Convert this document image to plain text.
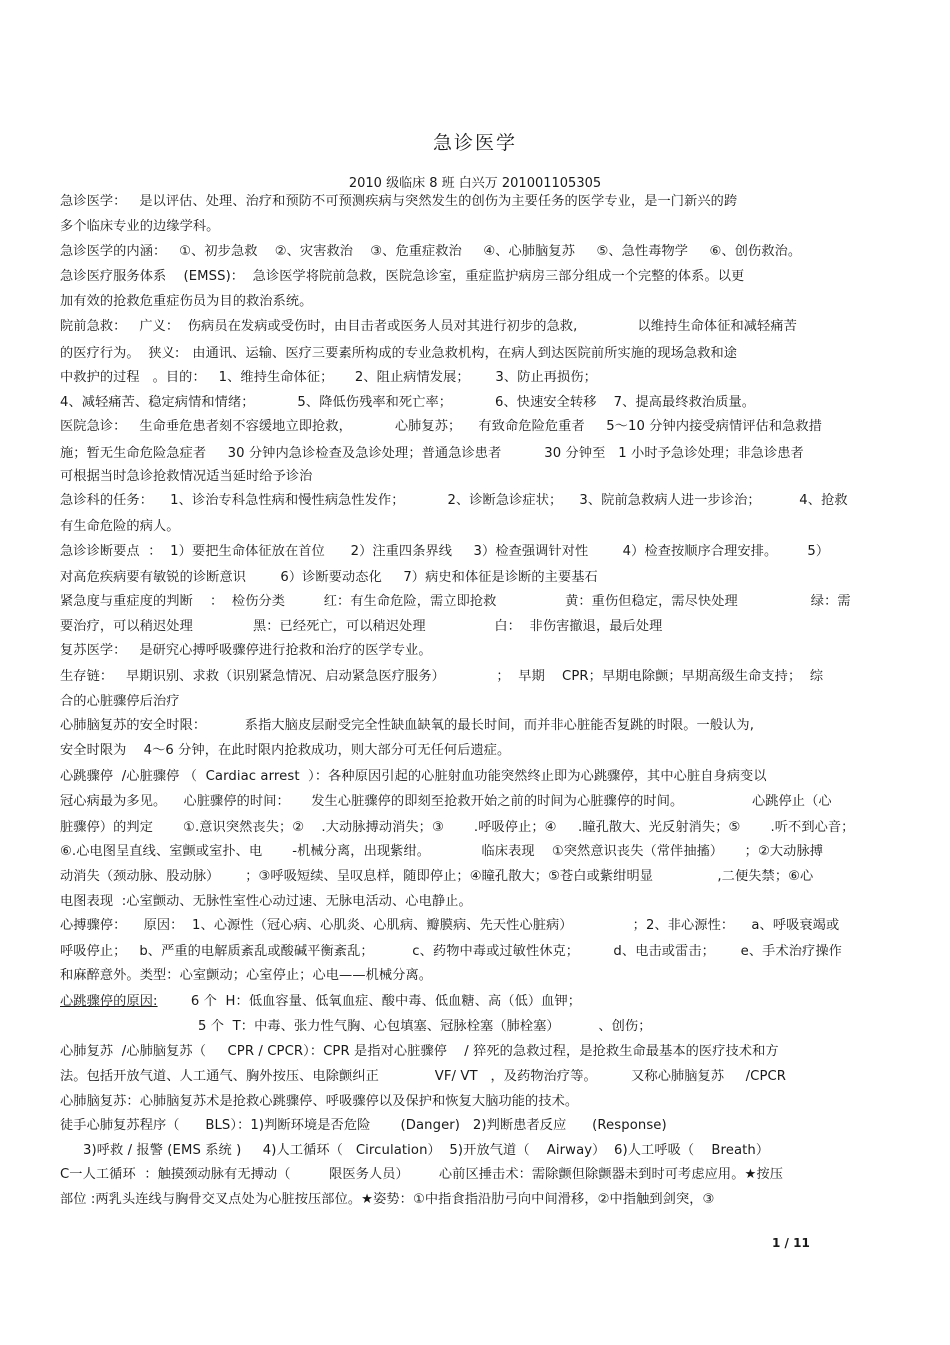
急诊医学
2010 级临床 8 班 白兴万 201001105305
急诊医学：   是以评估、处理、治疗和预防不可预测疾病与突然发生的创伤为主要任务的医学专业，是一门新兴的跨
多个临床专业的边缘学科。
急诊医学的内涵：   ①、初步急救    ②、灾害救治    ③、危重症救治     ④、心肺脑复苏     ⑤、急性毒物学     ⑥、创伤救治。
急诊医疗服务体系    (EMSS)：  急诊医学将院前急救，医院急诊室，重症监护病房三部分组成一个完整的体系。以更
加有效的抢救危重症伤员为目的救治系统。
院前急救：   广义：  伤病员在发病或受伤时，由目击者或医务人员对其进行初步的急救,              以维持生命体征和减轻痛苦
的医疗行为。  狭义:   由通讯、运输、医疗三要素所构成的专业急救机构，在病人到达医院前所实施的现场急救和途
中救护的过程   。目的：   1、维持生命体征；     2、阻止病情发展；      3、防止再损伤；
4、减轻痛苦、稳定病情和情绪；          5、降低伤残率和死亡率；          6、快速安全转移    7、提高最终救治质量。
医院急诊：   生命垂危患者刻不容缓地立即抢救，          心肺复苏；    有致命危险危重者     5～10 分钟内接受病情评估和急救措
施；暂无生命危险急症者     30 分钟内急诊检查及急诊处理；普通急诊患者          30 分钟至   1 小时予急诊处理；非急诊患者
可根据当时急诊抢救情况适当延时给予诊治
急诊科的任务：    1、诊治专科急性病和慢性病急性发作；          2、诊断急诊症状；    3、院前急救病人进一步诊治；         4、抢救
有生命危险的病人。
急诊诊断要点  ：  1）要把生命体征放在首位      2）注重四条界线     3）检查强调针对性        4）检查按顺序合理安排。       5）
对高危疾病要有敏锐的诊断意识        6）诊断要动态化     7）病史和体征是诊断的主要基石
紧急度与重症度的判断    ：  检伤分类         红：有生命危险，需立即抢救                黄：重伤但稳定，需尽快处理                 绿：需
要治疗，可以稍迟处理              黑：已经死亡，可以稍迟处理                白：  非伤害撤退，最后处理
复苏医学：   是研究心搏呼吸骤停进行抢救和治疗的医学专业。
生存链：   早期识别、求救（识别紧急情况、启动紧急医疗服务）            ；  早期    CPR；早期电除颤；早期高级生命支持；  综
合的心脏骤停后治疗
心肺脑复苏的安全时限：         系指大脑皮层耐受完全性缺血缺氧的最长时间，而并非心脏能否复跳的时限。一般认为,
安全时限为    4～6 分钟，在此时限内抢救成功，则大部分可无任何后遗症。
心跳骤停  /心脏骤停 （  Cardiac arrest  ）：各种原因引起的心脏射血功能突然终止即为心跳骤停，其中心脏自身病变以
冠心病最为多见。    心脏骤停的时间：     发生心脏骤停的即刻至抢救开始之前的时间为心脏骤停的时间。                心跳停止（心
脏骤停）的判定       ①.意识突然丧失；②    .大动脉搏动消失；③       .呼吸停止；④     .瞳孔散大、光反射消失；⑤       .听不到心音；
⑥.心电图呈直线、室颤或室扑、电       -机械分离，出现紫绀。            临床表现    ①突然意识丧失（常伴抽搐）     ；②大动脉搏
动消失（颈动脉、股动脉）      ；③呼吸短续、呈叹息样，随即停止；④瞳孔散大；⑤苍白或紫绀明显               ,二便失禁；⑥心
电图表现  :心室颤动、无脉性室性心动过速、无脉电活动、心电静止。
心搏骤停：    原因：  1、心源性（冠心病、心肌炎、心肌病、瓣膜病、先天性心脏病）              ；2、非心源性：    a、呼吸衰竭或
呼吸停止；   b、严重的电解质紊乱或酸碱平衡紊乱；         c、药物中毒或过敏性休克；        d、电击或雷击；      e、手术治疗操作
和麻醉意外。类型：心室颤动；心室停止；心电——机械分离。
心跳骤停的原因: 6 个  H：低血容量、低氧血症、酸中毒、低血糖、高（低）血钾；
5 个  T：中毒、张力性气胸、心包填塞、冠脉栓塞（肺栓塞）         、创伤；
心肺复苏  /心肺脑复苏（     CPR / CPCR）：CPR 是指对心脏骤停    / 猝死的急救过程，是抢救生命最基本的医疗技术和方
法。包括开放气道、人工通气、胸外按压、电除颤纠正             VF/ VT   ，及药物治疗等。        又称心肺脑复苏     /CPCR
心肺脑复苏：心肺脑复苏术是抢救心跳骤停、呼吸骤停以及保护和恢复大脑功能的技术。
徒手心肺复苏程序（      BLS）：1)判断环境是否危险       (Danger)   2)判断患者反应      (Response)
3)呼救 / 报警 (EMS 系统 )     4)人工循环（   Circulation）  5)开放气道（    Airway）  6)人工呼吸（    Breath）
C一人工循环  ：触摸颈动脉有无搏动（         限医务人员）       心前区捶击术：需除颤但除颤器未到时可考虑应用。★按压
部位 :两乳头连线与胸骨交叉点处为心脏按压部位。★姿势：①中指食指沿肋弓向中间滑移，②中指触到剑突，③
1 / 11
